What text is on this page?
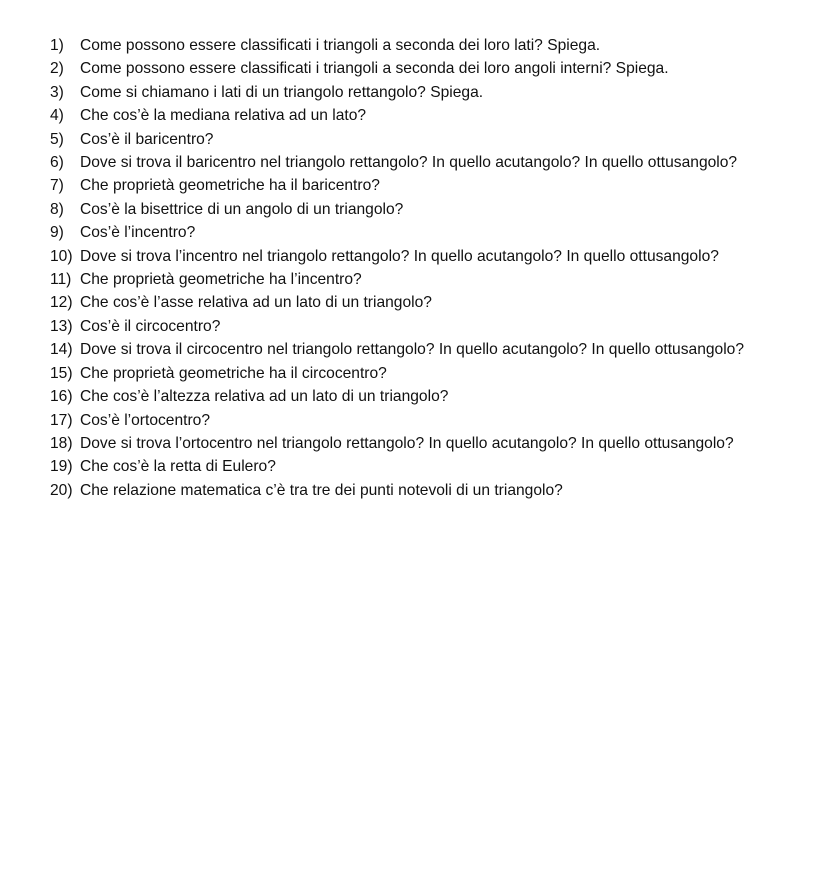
1)	Come possono essere classificati i triangoli a seconda dei loro lati? Spiega.
2)	Come possono essere classificati i triangoli a seconda dei loro angoli interni? Spiega.
3)	Come si chiamano i lati di un triangolo rettangolo? Spiega.
4)	Che cos’è la mediana relativa ad un lato?
5)	Cos’è il baricentro?
6)	Dove si trova il baricentro nel triangolo rettangolo? In quello acutangolo? In quello ottusangolo?
7)	Che proprietà geometriche ha il baricentro?
8)	Cos’è la bisettrice di un angolo di un triangolo?
9)	Cos’è l’incentro?
10) Dove si trova l’incentro nel triangolo rettangolo? In quello acutangolo? In quello ottusangolo?
11) Che proprietà geometriche ha l’incentro?
12) Che cos’è l’asse relativa ad un lato di un triangolo?
13) Cos’è il circocentro?
14) Dove si trova il circocentro nel triangolo rettangolo? In quello acutangolo? In quello ottusangolo?
15) Che proprietà geometriche ha il circocentro?
16) Che cos’è l’altezza relativa ad un lato di un triangolo?
17) Cos’è l’ortocentro?
18) Dove si trova l’ortocentro nel triangolo rettangolo? In quello acutangolo? In quello ottusangolo?
19) Che cos’è la retta di Eulero?
20) Che relazione matematica c’è tra tre dei punti notevoli di un triangolo?
